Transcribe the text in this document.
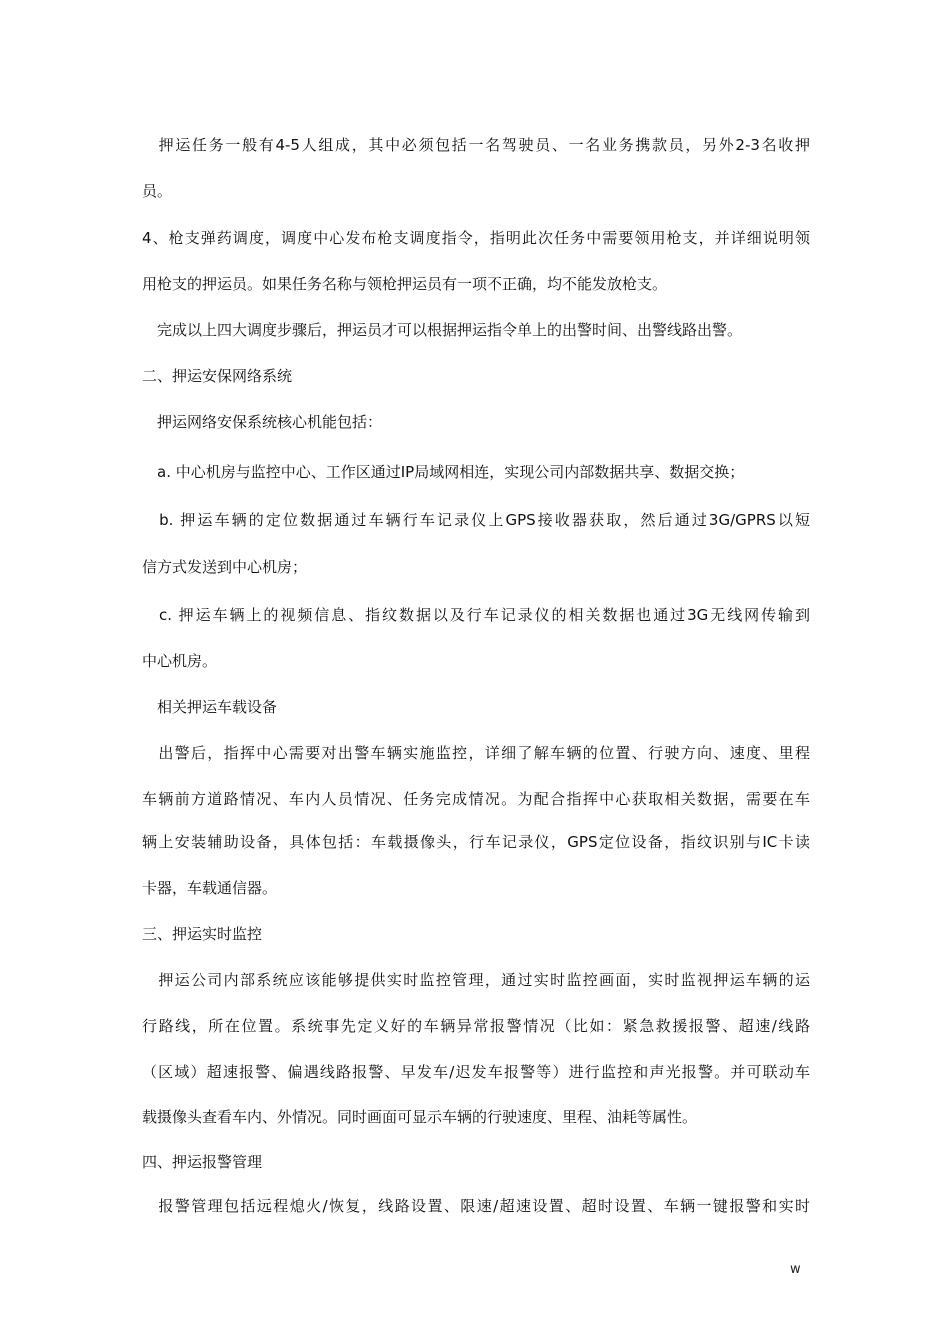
　押运任务一般有4-5人组成，其中必须包括一名驾驶员、一名业务携款员，另外2-3名收押
员。
4、枪支弹药调度，调度中心发布枪支调度指令，指明此次任务中需要领用枪支，并详细说明领
用枪支的押运员。如果任务名称与领枪押运员有一项不正确，均不能发放枪支。
　完成以上四大调度步骤后，押运员才可以根据押运指令单上的出警时间、出警线路出警。
二、押运安保网络系统
　押运网络安保系统核心机能包括：
　a. 中心机房与监控中心、工作区通过IP局域网相连，实现公司内部数据共享、数据交换；
　b. 押运车辆的定位数据通过车辆行车记录仪上GPS接收器获取，然后通过3G/GPRS以短
信方式发送到中心机房；
　c. 押运车辆上的视频信息、指纹数据以及行车记录仪的相关数据也通过3G无线网传输到
中心机房。
　相关押运车载设备
　出警后，指挥中心需要对出警车辆实施监控，详细了解车辆的位置、行驶方向、速度、里程
车辆前方道路情况、车内人员情况、任务完成情况。为配合指挥中心获取相关数据，需要在车
辆上安装辅助设备，具体包括：车载摄像头，行车记录仪，GPS定位设备，指纹识别与IC卡读
卡器，车载通信器。
三、押运实时监控
　押运公司内部系统应该能够提供实时监控管理，通过实时监控画面，实时监视押运车辆的运
行路线，所在位置。系统事先定义好的车辆异常报警情况（比如：紧急救援报警、超速/线路
（区域）超速报警、偏遇线路报警、早发车/迟发车报警等）进行监控和声光报警。并可联动车
载摄像头查看车内、外情况。同时画面可显示车辆的行驶速度、里程、油耗等属性。
四、押运报警管理
　报警管理包括远程熄火/恢复，线路设置、限速/超速设置、超时设置、车辆一键报警和实时
w
